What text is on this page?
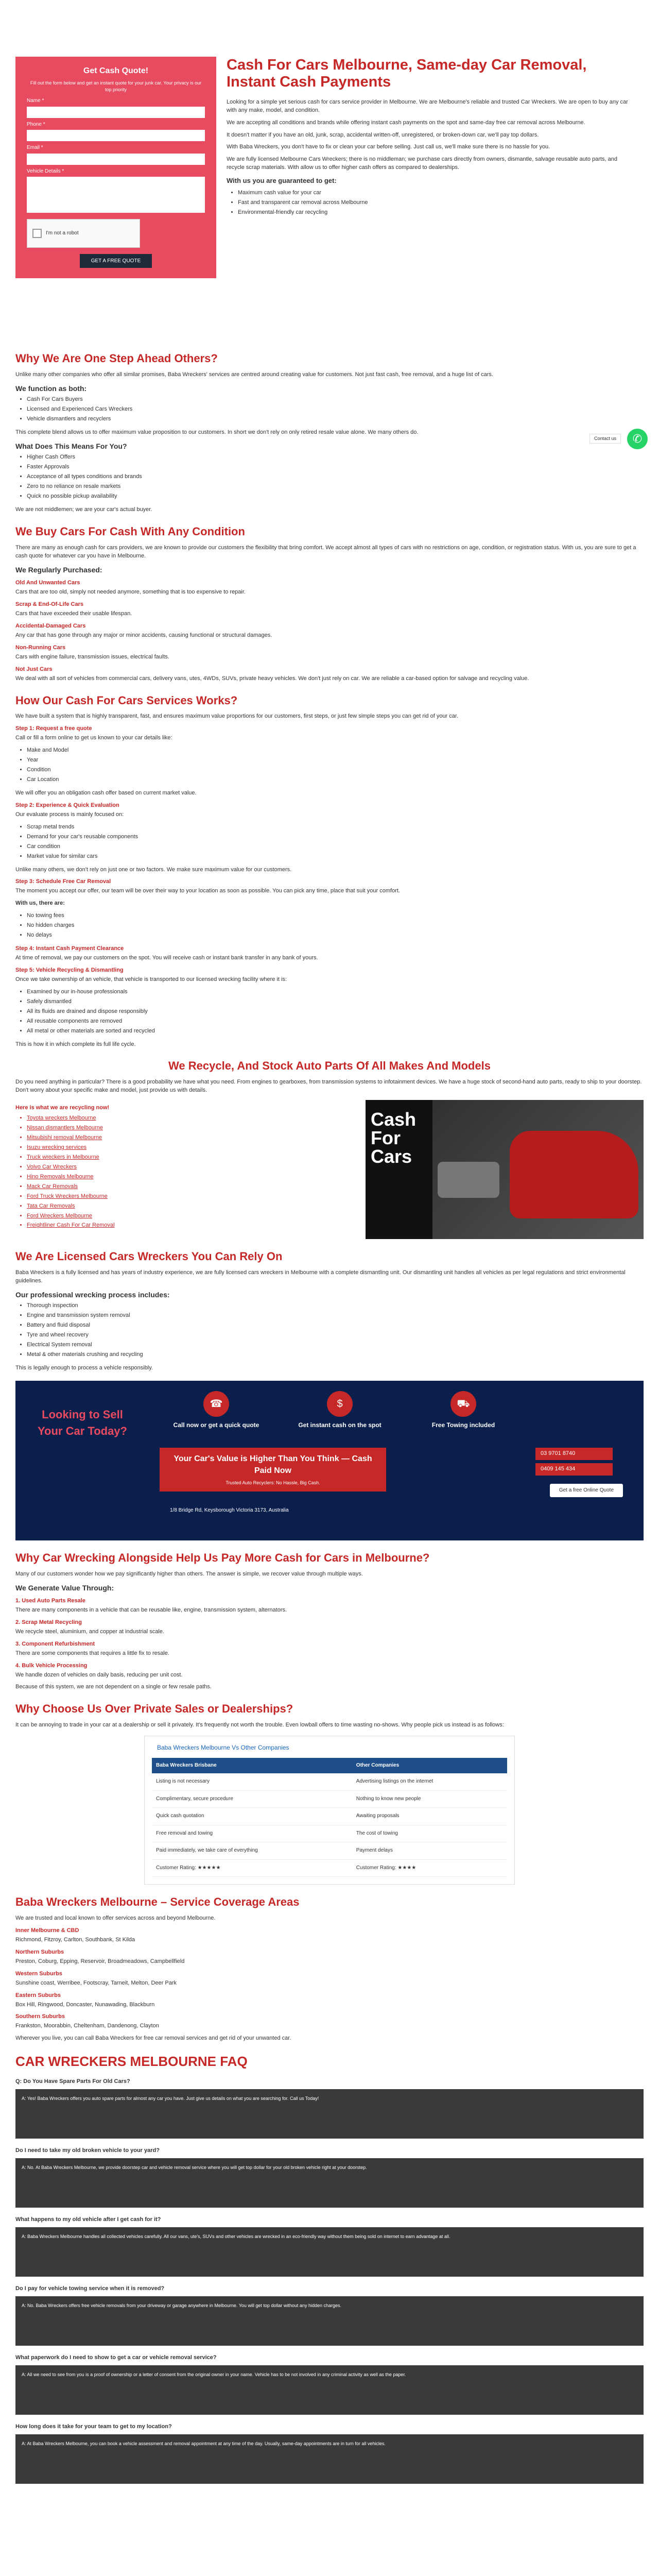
Get Cash Quote!
Fill out the form below and get an instant quote for your junk car. Your privacy is our top priority
Name *
Phone *
Email *
Vehicle Details *
I'm not a robot
GET A FREE QUOTE
Cash For Cars Melbourne, Same-day Car Removal, Instant Cash Payments

Looking for a simple yet serious cash for cars service provider in Melbourne. We are Melbourne's reliable and trusted Car Wreckers. We are open to buy any car with any make, model, and condition.

We are accepting all conditions and brands while offering instant cash payments on the spot and same-day free car removal across Melbourne.

It doesn't matter if you have an old, junk, scrap, accidental written-off, unregistered, or broken-down car, we'll pay top dollars.

With Baba Wreckers, you don't have to fix or clean your car before selling. Just call us, we'll make sure there is no hassle for you.

We are fully licensed Melbourne Cars Wreckers; there is no middleman; we purchase cars directly from owners, dismantle, salvage reusable auto parts, and recycle scrap materials. With allow us to offer higher cash offers as compared to dealerships.

With us you are guaranteed to get:
• Maximum cash value for your car
• Fast and transparent car removal across Melbourne
• Environmental-friendly car recycling
Why We Are One Step Ahead Others?

Unlike many other companies who offer all similar promises, Baba Wreckers' services are centred around creating value for customers. Not just fast cash, free removal, and a huge list of cars.

We function as both:
• Cash For Cars Buyers
• Licensed and Experienced Cars Wreckers
• Vehicle dismantlers and recyclers

This complete blend allows us to offer maximum value proposition to our customers. In short we don't rely on only retired resale value alone. We many others do.

What Does This Means For You?
• Higher Cash Offers
• Faster Approvals
• Acceptance of all types conditions and brands
• Zero to no reliance on resale markets
• Quick no possible pickup availability

We are not middlemen; we are your car's actual buyer.

We Buy Cars For Cash With Any Condition

There are many as enough cash for cars providers, we are known to provide our customers the flexibility that bring comfort. We accept almost all types of cars with no restrictions on age, condition, or registration status. With us, you are sure to get a cash quote for whatever car you have in Melbourne.

We Regularly Purchased:
Old And Unwanted Cars

Cars that are too old, simply not needed anymore, something that is too expensive to repair.

Scrap & End-Of-Life Cars

Cars that have exceeded their usable lifespan.

Accidental-Damaged Cars

Any car that has gone through any major or minor accidents, causing functional or structural damages.

Non-Running Cars

Cars with engine failure, transmission issues, electrical faults.

Not Just Cars

We deal with all sort of vehicles from commercial cars, delivery vans, utes, 4WDs, SUVs, private heavy vehicles. We don't just rely on car. We are reliable a car-based option for salvage and recycling value.

How Our Cash For Cars Services Works?

We have built a system that is highly transparent, fast, and ensures maximum value proportions for our customers, first steps, or just few simple steps you can get rid of your car.

Step 1: Request a free quote

Call or fill a form online to get us known to your car details like:

• Make and Model
• Year
• Condition
• Car Location

We will offer you an obligation cash offer based on current market value.

Step 2: Experience & Quick Evaluation

Our evaluate process is mainly focused on:

• Scrap metal trends
• Demand for your car's reusable components
• Car condition
• Market value for similar cars

Unlike many others, we don't rely on just one or two factors. We make sure maximum value for our customers.

Step 3: Schedule Free Car Removal

The moment you accept our offer, our team will be over their way to your location as soon as possible. You can pick any time, place that suit your comfort.

With us, there are:

• No towing fees
• No hidden charges
• No delays
Step 4: Instant Cash Payment Clearance

At time of removal, we pay our customers on the spot. You will receive cash or instant bank transfer in any bank of yours.

Step 5: Vehicle Recycling & Dismantling

Once we take ownership of an vehicle, that vehicle is transported to our licensed wrecking facility where it is:

• Examined by our in-house professionals
• Safely dismantled
• All its fluids are drained and dispose responsibly
• All reusable components are removed
• All metal or other materials are sorted and recycled

This is how it in which complete its full life cycle.

We Recycle, And Stock Auto Parts Of All Makes And Models

Do you need anything in particular? There is a good probability we have what you need. From engines to gearboxes, from transmission systems to infotainment devices. We have a huge stock of second-hand auto parts, ready to ship to your doorstep. Don't worry about your specific make and model, just provide us with details.

Here is what we are recycling now!
• Toyota wreckers Melbourne
• Nissan dismantlers Melbourne
• Mitsubishi removal Melbourne
• Isuzu wrecking services
• Truck wreckers in Melbourne
• Volvo Car Wreckers
• Hino Removals Melbourne
• Mack Car Removals
• Ford Truck Wreckers Melbourne
• Tata Car Removals
• Ford Wreckers Melbourne
• Freightliner Cash For Car Removal
Cash For Cars
We Are Licensed Cars Wreckers You Can Rely On

Baba Wreckers is a fully licensed and has years of industry experience, we are fully licensed cars wreckers in Melbourne with a complete dismantling unit. Our dismantling unit handles all vehicles as per legal regulations and strict environmental guidelines.

Our professional wrecking process includes:
• Thorough inspection
• Engine and transmission system removal
• Battery and fluid disposal
• Tyre and wheel recovery
• Electrical System removal
• Metal & other materials crushing and recycling

This is legally enough to process a vehicle responsibly.

Looking to Sell Your Car Today?
☎
Call now or get a quick quote
$
Get instant cash on the spot
⛟
Free Towing included
Your Car's Value is Higher Than You Think — Cash Paid Now
Trusted Auto Recyclers: No Hassle, Big Cash.
03 9701 8740
0409 145 434
Get a free Online Quote
1/8 Bridge Rd, Keysborough Victoria 3173, Australia
Why Car Wrecking Alongside Help Us Pay More Cash for Cars in Melbourne?

Many of our customers wonder how we pay significantly higher than others. The answer is simple, we recover value through multiple ways.

We Generate Value Through:
1. Used Auto Parts Resale

There are many components in a vehicle that can be reusable like, engine, transmission system, alternators.

2. Scrap Metal Recycling

We recycle steel, aluminium, and copper at industrial scale.

3. Component Refurbishment

There are some components that requires a little fix to resale.

4. Bulk Vehicle Processing

We handle dozen of vehicles on daily basis, reducing per unit cost.

Because of this system, we are not dependent on a single or few resale paths.

Why Choose Us Over Private Sales or Dealerships?

It can be annoying to trade in your car at a dealership or sell it privately. It's frequently not worth the trouble. Even lowball offers to time wasting no-shows. Why people pick us instead is as follows:

Baba Wreckers Melbourne Vs Other Companies
Baba Wreckers Brisbane	Other Companies
Listing is not necessary	Advertising listings on the internet
Complimentary, secure procedure	Nothing to know new people
Quick cash quotation	Awaiting proposals
Free removal and towing	The cost of towing
Paid immediately, we take care of everything	Payment delays
Customer Rating: ★★★★★	Customer Rating: ★★★★
Baba Wreckers Melbourne – Service Coverage Areas

We are trusted and local known to offer services across and beyond Melbourne.

Inner Melbourne & CBD

Richmond, Fitzroy, Carlton, Southbank, St Kilda

Northern Suburbs

Preston, Coburg, Epping, Reservoir, Broadmeadows, Campbellfield

Western Suburbs

Sunshine coast, Werribee, Footscray, Tarneit, Melton, Deer Park

Eastern Suburbs

Box Hill, Ringwood, Doncaster, Nunawading, Blackburn

Southern Suburbs

Frankston, Moorabbin, Cheltenham, Dandenong, Clayton

Wherever you live, you can call Baba Wreckers for free car removal services and get rid of your unwanted car.

CAR WRECKERS MELBOURNE FAQ
Q: Do You Have Spare Parts For Old Cars?
A: Yes! Baba Wreckers offers you auto spare parts for almost any car you have. Just give us details on what you are searching for. Call us Today!
Do I need to take my old broken vehicle to your yard?
A: No. At Baba Wreckers Melbourne, we provide doorstep car and vehicle removal service where you will get top dollar for your old broken vehicle right at your doorstep.
What happens to my old vehicle after I get cash for it?
A: Baba Wreckers Melbourne handles all collected vehicles carefully. All our vans, ute's, SUVs and other vehicles are wrecked in an eco-friendly way without them being sold on internet to earn advantage at all.
Do I pay for vehicle towing service when it is removed?
A: No. Baba Wreckers offers free vehicle removals from your driveway or garage anywhere in Melbourne. You will get top dollar without any hidden charges.
What paperwork do I need to show to get a car or vehicle removal service?
A: All we need to see from you is a proof of ownership or a letter of consent from the original owner in your name. Vehicle has to be not involved in any criminal activity as well as the paper.
How long does it take for your team to get to my location?
A: At Baba Wreckers Melbourne, you can book a vehicle assessment and removal appointment at any time of the day. Usually, same-day appointments are in turn for all vehicles.
Contact us	✆
